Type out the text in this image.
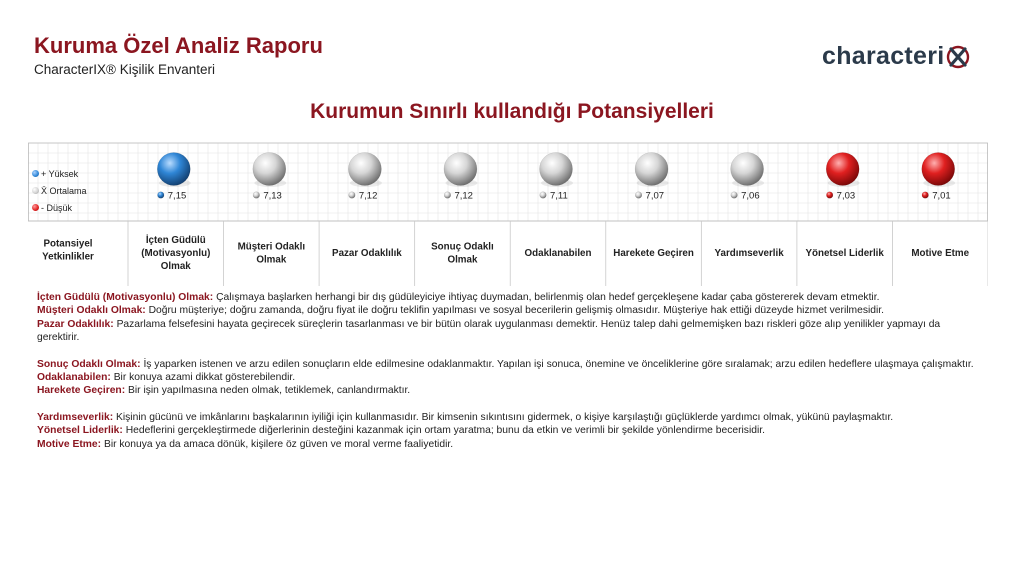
Kuruma Özel Analiz Raporu
CharacterIX® Kişilik Envanteri	characteri
Kurumun Sınırlı kullandığı Potansiyelleri
Potansiyel Yetkinlikler
7,15
İçten Güdülü (Motivasyonlu) Olmak
7,13
Müşteri Odaklı Olmak
7,12
Pazar Odaklılık
7,12
Sonuç Odaklı Olmak
7,11
Odaklanabilen
7,07
Harekete Geçiren
7,06
Yardımseverlik
7,03
Yönetsel Liderlik
7,01
Motive Etme
+ Yüksek
X̄ Ortalama
- Düşük

İçten Güdülü (Motivasyonlu) Olmak: Çalışmaya başlarken herhangi bir dış güdüleyiciye ihtiyaç duymadan, belirlenmiş olan hedef gerçekleşene kadar çaba göstererek devam etmektir.

Müşteri Odaklı Olmak: Doğru müşteriye; doğru zamanda, doğru fiyat ile doğru teklifin yapılması ve sosyal becerilerin gelişmiş olmasıdır. Müşteriye hak ettiği düzeyde hizmet verilmesidir.

Pazar Odaklılık: Pazarlama felsefesini hayata geçirecek süreçlerin tasarlanması ve bir bütün olarak uygulanması demektir. Henüz talep dahi gelmemişken bazı riskleri göze alıp yenilikler yapmayı da gerektirir.

Sonuç Odaklı Olmak: İş yaparken istenen ve arzu edilen sonuçların elde edilmesine odaklanmaktır. Yapılan işi sonuca, önemine ve önceliklerine göre sıralamak; arzu edilen hedeflere ulaşmaya çalışmaktır.

Odaklanabilen: Bir konuya azami dikkat gösterebilendir.

Harekete Geçiren: Bir işin yapılmasına neden olmak, tetiklemek, canlandırmaktır.

Yardımseverlik: Kişinin gücünü ve imkânlarını başkalarının iyiliği için kullanmasıdır. Bir kimsenin sıkıntısını gidermek, o kişiye karşılaştığı güçlüklerde yardımcı olmak, yükünü paylaşmaktır.

Yönetsel Liderlik: Hedeflerini gerçekleştirmede diğerlerinin desteğini kazanmak için ortam yaratma; bunu da etkin ve verimli bir şekilde yönlendirme becerisidir.

Motive Etme: Bir konuya ya da amaca dönük, kişilere öz güven ve moral verme faaliyetidir.
